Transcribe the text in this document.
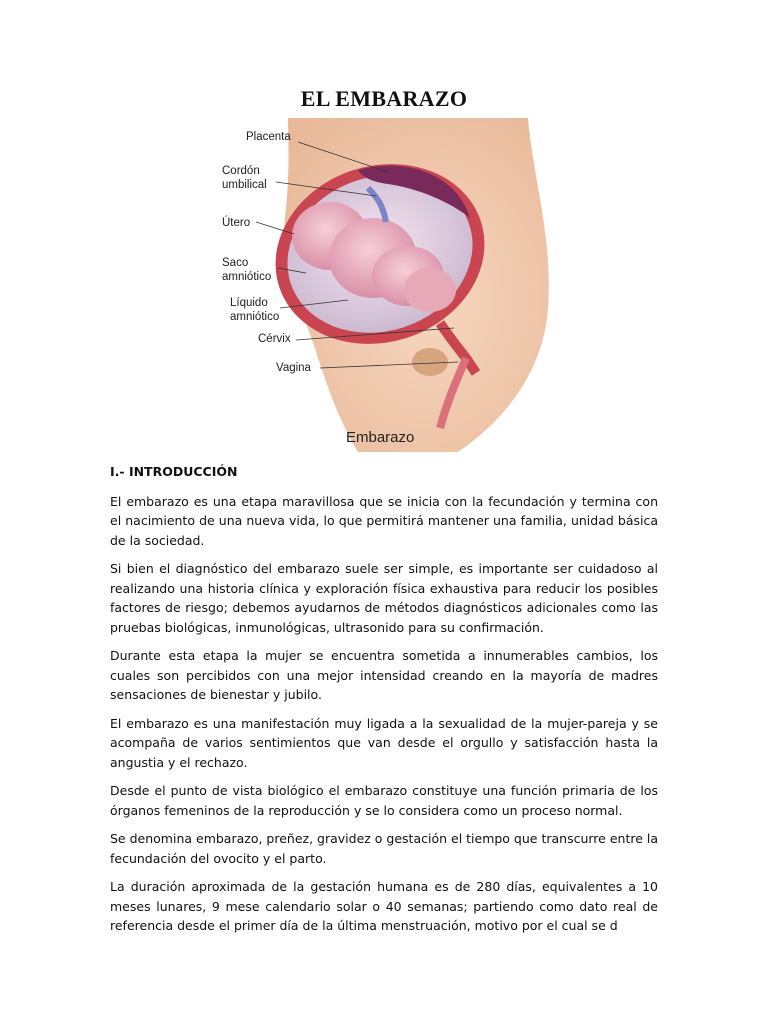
EL EMBARAZO
Placenta
Cordón
umbilical
Útero
Saco
amniótico
Líquido
amniótico
Cérvix
Vagina
Embarazo
I.- INTRODUCCIÓN

El embarazo es una etapa maravillosa que se inicia con la fecundación y termina con el nacimiento de una nueva vida, lo que permitirá mantener una familia, unidad básica de la sociedad.

Si bien el diagnóstico del embarazo suele ser simple, es importante ser cuidadoso al realizando una historia clínica y exploración física exhaustiva para reducir los posibles factores de riesgo; debemos ayudarnos de métodos diagnósticos adicionales como las pruebas biológicas, inmunológicas, ultrasonido para su confirmación.

Durante esta etapa la mujer se encuentra sometida a innumerables cambios, los cuales son percibidos con una mejor intensidad creando en la mayoría de madres sensaciones de bienestar y jubilo.

El embarazo es una manifestación muy ligada a la sexualidad de la mujer-pareja y se acompaña de varios sentimientos que van desde el orgullo y satisfacción hasta la angustia y el rechazo.

Desde el punto de vista biológico el embarazo constituye una función primaria de los órganos femeninos de la reproducción y se lo considera como un proceso normal.

Se denomina embarazo, preñez, gravidez o gestación el tiempo que transcurre entre la fecundación del ovocito y el parto.

La duración aproximada de la gestación humana es de 280 días, equivalentes a 10 meses lunares, 9 mese calendario solar o 40 semanas; partiendo como dato real de referencia desde el primer día de la última menstruación, motivo por el cual se d
